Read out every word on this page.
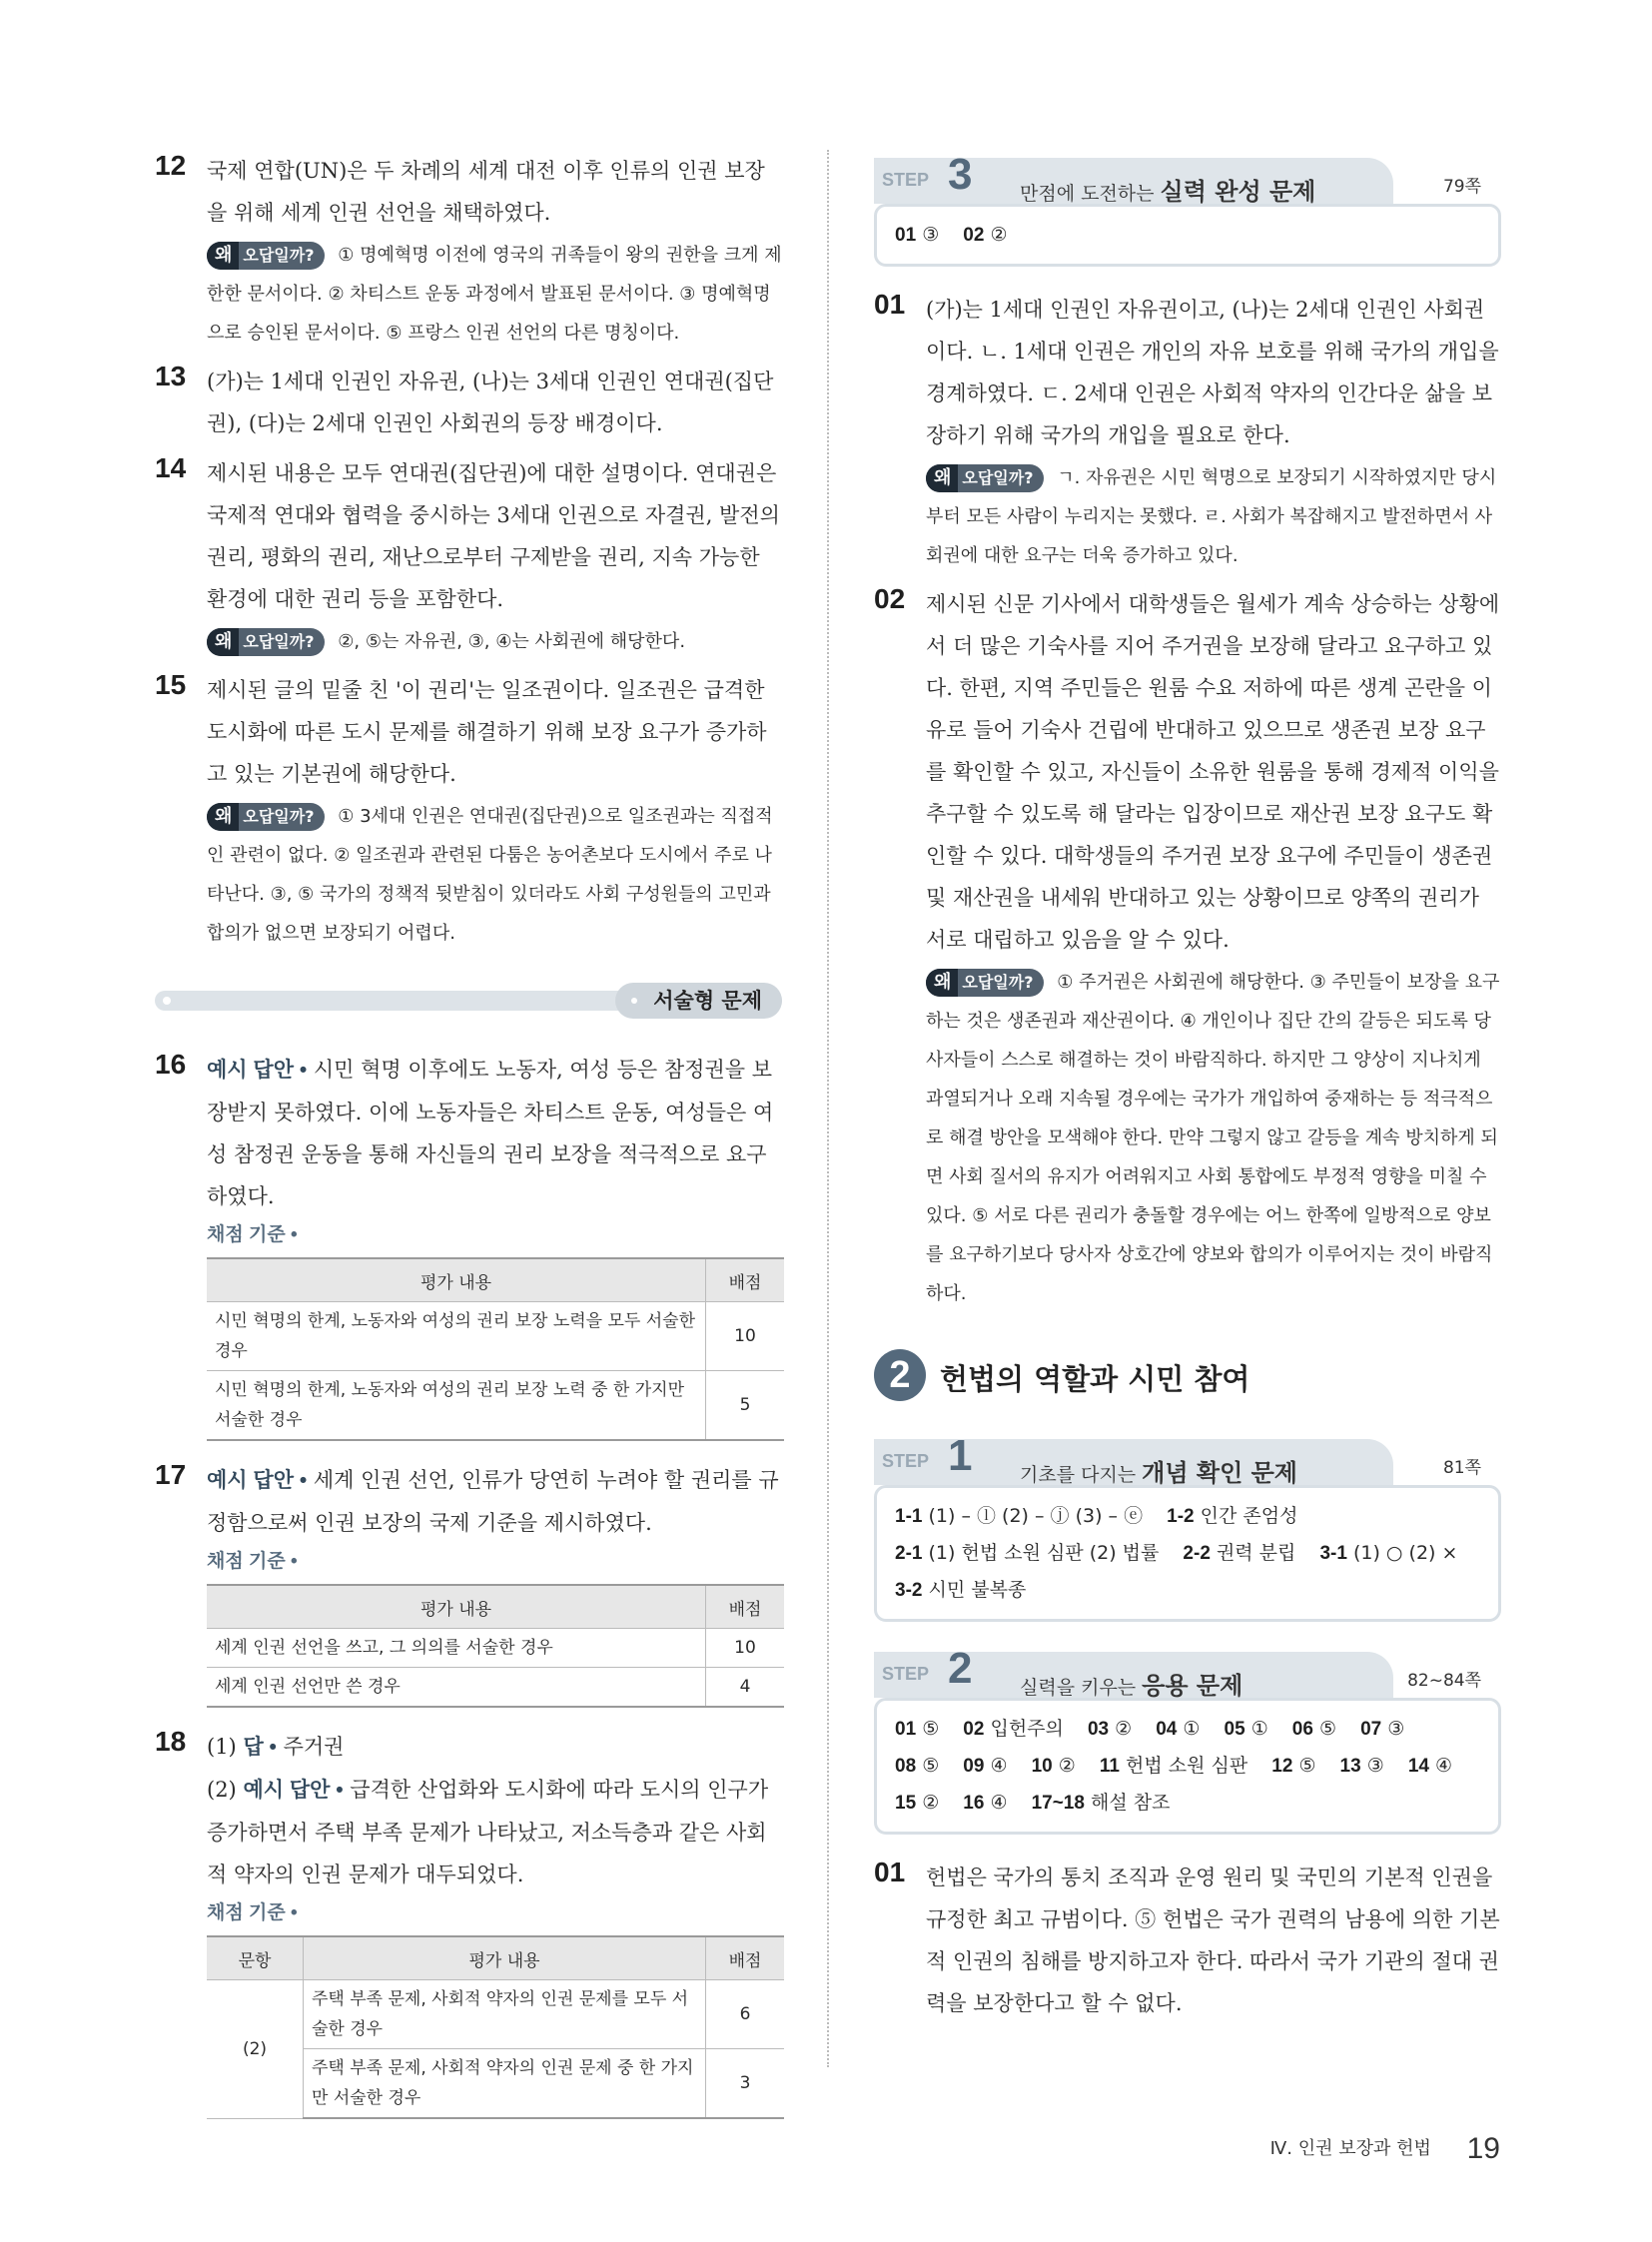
12 국제 연합(UN)은 두 차례의 세계 대전 이후 인류의 인권 보장을 위해 세계 인권 선언을 채택하였다.
왜 오답일까? ① 명예혁명 이전에 영국의 귀족들이 왕의 권한을 크게 제한한 문서이다. ② 차티스트 운동 과정에서 발표된 문서이다. ③ 명예혁명으로 승인된 문서이다. ⑤ 프랑스 인권 선언의 다른 명칭이다.
13 (가)는 1세대 인권인 자유권, (나)는 3세대 인권인 연대권(집단권), (다)는 2세대 인권인 사회권의 등장 배경이다.
14 제시된 내용은 모두 연대권(집단권)에 대한 설명이다. 연대권은 국제적 연대와 협력을 중시하는 3세대 인권으로 자결권, 발전의 권리, 평화의 권리, 재난으로부터 구제받을 권리, 지속 가능한 환경에 대한 권리 등을 포함한다.
왜 오답일까? ②, ⑤는 자유권, ③, ④는 사회권에 해당한다.
15 제시된 글의 밑줄 친 '이 권리'는 일조권이다. 일조권은 급격한 도시화에 따른 도시 문제를 해결하기 위해 보장 요구가 증가하고 있는 기본권에 해당한다.
왜 오답일까? ① 3세대 인권은 연대권(집단권)으로 일조권과는 직접적인 관련이 없다. ② 일조권과 관련된 다툼은 농어촌보다 도시에서 주로 나타난다. ③, ⑤ 국가의 정책적 뒷받침이 있더라도 사회 구성원들의 고민과 합의가 없으면 보장되기 어렵다.
서술형 문제
16 예시 답안 • 시민 혁명 이후에도 노동자, 여성 등은 참정권을 보장받지 못하였다. 이에 노동자들은 차티스트 운동, 여성들은 여성 참정권 운동을 통해 자신들의 권리 보장을 적극적으로 요구하였다.
채점 기준 •
평가 내용	배점
시민 혁명의 한계, 노동자와 여성의 권리 보장 노력을 모두 서술한 경우	10
시민 혁명의 한계, 노동자와 여성의 권리 보장 노력 중 한 가지만 서술한 경우	5
17 예시 답안 • 세계 인권 선언, 인류가 당연히 누려야 할 권리를 규정함으로써 인권 보장의 국제 기준을 제시하였다.
채점 기준 •
평가 내용	배점
세계 인권 선언을 쓰고, 그 의의를 서술한 경우	10
세계 인권 선언만 쓴 경우	4
18 (1) 답 • 주거권
(2) 예시 답안 • 급격한 산업화와 도시화에 따라 도시의 인구가 증가하면서 주택 부족 문제가 나타났고, 저소득층과 같은 사회적 약자의 인권 문제가 대두되었다.
채점 기준 •
문항	평가 내용	배점
(2)	주택 부족 문제, 사회적 약자의 인권 문제를 모두 서술한 경우	6
	주택 부족 문제, 사회적 약자의 인권 문제 중 한 가지만 서술한 경우	3
STEP 3	만점에 도전하는 실력 완성 문제	79쪽
01 ③ 02 ②
01 (가)는 1세대 인권인 자유권이고, (나)는 2세대 인권인 사회권이다. ㄴ. 1세대 인권은 개인의 자유 보호를 위해 국가의 개입을 경계하였다. ㄷ. 2세대 인권은 사회적 약자의 인간다운 삶을 보장하기 위해 국가의 개입을 필요로 한다.
왜 오답일까? ㄱ. 자유권은 시민 혁명으로 보장되기 시작하였지만 당시부터 모든 사람이 누리지는 못했다. ㄹ. 사회가 복잡해지고 발전하면서 사회권에 대한 요구는 더욱 증가하고 있다.
02 제시된 신문 기사에서 대학생들은 월세가 계속 상승하는 상황에서 더 많은 기숙사를 지어 주거권을 보장해 달라고 요구하고 있다. 한편, 지역 주민들은 원룸 수요 저하에 따른 생계 곤란을 이유로 들어 기숙사 건립에 반대하고 있으므로 생존권 보장 요구를 확인할 수 있고, 자신들이 소유한 원룸을 통해 경제적 이익을 추구할 수 있도록 해 달라는 입장이므로 재산권 보장 요구도 확인할 수 있다. 대학생들의 주거권 보장 요구에 주민들이 생존권 및 재산권을 내세워 반대하고 있는 상황이므로 양쪽의 권리가 서로 대립하고 있음을 알 수 있다.
왜 오답일까? ① 주거권은 사회권에 해당한다. ③ 주민들이 보장을 요구하는 것은 생존권과 재산권이다. ④ 개인이나 집단 간의 갈등은 되도록 당사자들이 스스로 해결하는 것이 바람직하다. 하지만 그 양상이 지나치게 과열되거나 오래 지속될 경우에는 국가가 개입하여 중재하는 등 적극적으로 해결 방안을 모색해야 한다. 만약 그렇지 않고 갈등을 계속 방치하게 되면 사회 질서의 유지가 어려워지고 사회 통합에도 부정적 영향을 미칠 수 있다. ⑤ 서로 다른 권리가 충돌할 경우에는 어느 한쪽에 일방적으로 양보를 요구하기보다 당사자 상호간에 양보와 합의가 이루어지는 것이 바람직하다.
2	헌법의 역할과 시민 참여
STEP 1	기초를 다지는 개념 확인 문제	81쪽
1-1 (1) – ⓛ (2) – ⓙ (3) – ⓔ 1-2 인간 존엄성 2-1 (1) 헌법 소원 심판 (2) 법률 2-2 권력 분립 3-1 (1) ○ (2) × 3-2 시민 불복종
STEP 2	실력을 키우는 응용 문제	82~84쪽
01 ⑤ 02 입헌주의 03 ② 04 ① 05 ① 06 ⑤ 07 ③ 08 ⑤ 09 ④ 10 ② 11 헌법 소원 심판 12 ⑤ 13 ③ 14 ④ 15 ② 16 ④ 17~18 해설 참조
01 헌법은 국가의 통치 조직과 운영 원리 및 국민의 기본적 인권을 규정한 최고 규범이다. ⑤ 헌법은 국가 권력의 남용에 의한 기본적 인권의 침해를 방지하고자 한다. 따라서 국가 기관의 절대 권력을 보장한다고 할 수 없다.
Ⅳ. 인권 보장과 헌법 19
